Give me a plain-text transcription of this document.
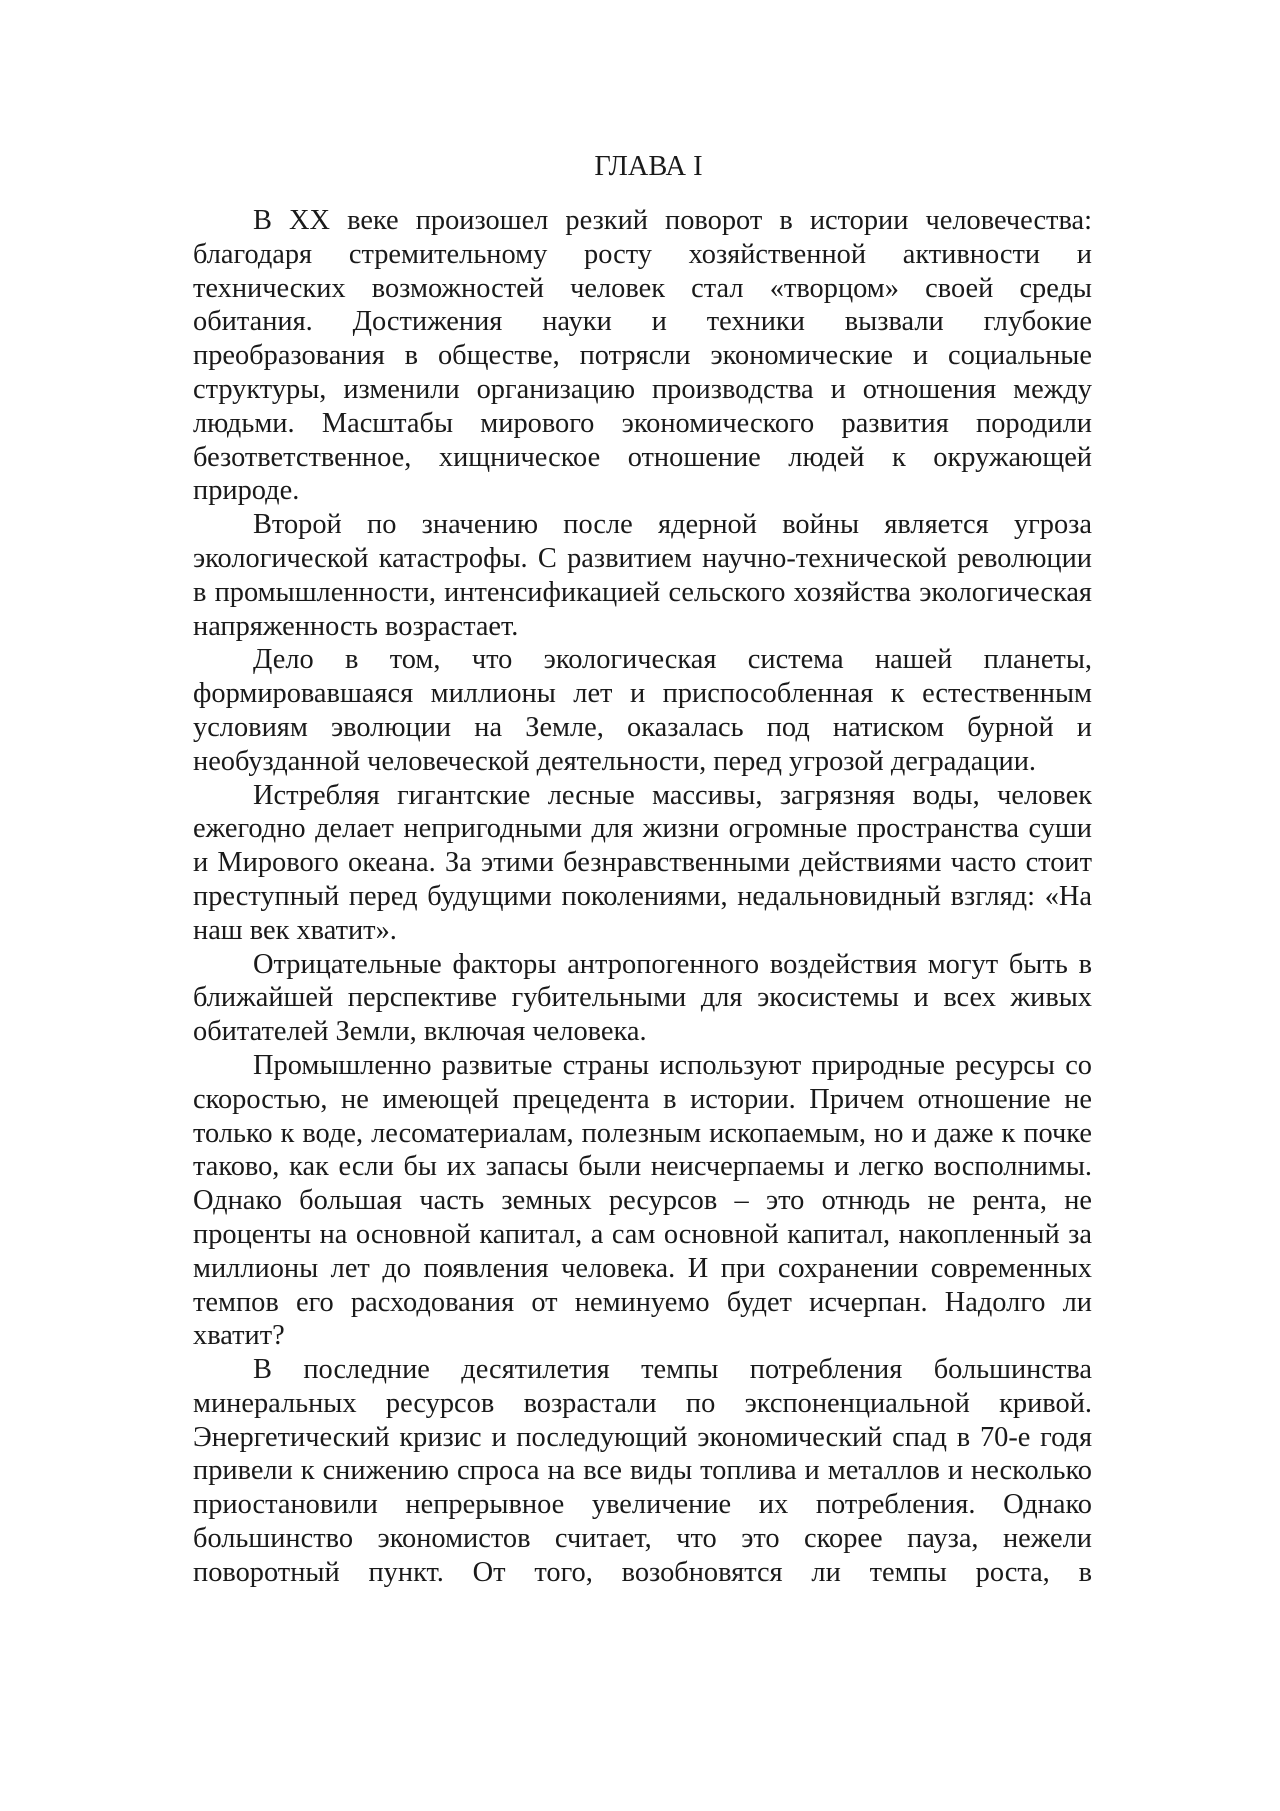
ГЛАВА I

В XX веке произошел резкий поворот в истории человечества: благодаря стремительному росту хозяйственной активности и технических возможностей человек стал «творцом» своей среды обитания. Достижения науки и техники вызвали глубокие преобразования в обществе, потрясли экономические и социальные структуры, изменили организацию производства и отношения между людьми. Масштабы мирового экономического развития породили безответственное, хищническое отношение людей к окружающей природе.

Второй по значению после ядерной войны является угроза экологической катастрофы. С развитием научно-технической революции в промышленности, интенсификацией сельского хозяйства экологическая напряженность возрастает.

Дело в том, что экологическая система нашей планеты, формировавшаяся миллионы лет и приспособленная к естественным условиям эволюции на Земле, оказалась под натиском бурной и необузданной человеческой деятельности, перед угрозой деградации.

Истребляя гигантские лесные массивы, загрязняя воды, человек ежегодно делает непригодными для жизни огромные пространства суши и Мирового океана. За этими безнравственными действиями часто стоит преступный перед будущими поколениями, недальновидный взгляд: «На наш век хватит».

Отрицательные факторы антропогенного воздействия могут быть в ближайшей перспективе губительными для экосистемы и всех живых обитателей Земли, включая человека.

Промышленно развитые страны используют природные ресурсы со скоростью, не имеющей прецедента в истории. Причем отношение не только к воде, лесоматериалам, полезным ископаемым, но и даже к почке таково, как если бы их запасы были неисчерпаемы и легко восполнимы. Однако большая часть земных ресурсов – это отнюдь не рента, не проценты на основной капитал, а сам основной капитал, накопленный за миллионы лет до появления человека. И при сохранении современных темпов его расходования от неминуемо будет исчерпан. Надолго ли хватит?

В последние десятилетия темпы потребления большинства минеральных ресурсов возрастали по экспоненциальной кривой. Энергетический кризис и последующий экономический спад в 70-е годя привели к снижению спроса на все виды топлива и металлов и несколько приостановили непрерывное увеличение их потребления. Однако большинство экономистов считает, что это скорее пауза, нежели поворотный пункт. От того, возобновятся ли темпы роста, в
